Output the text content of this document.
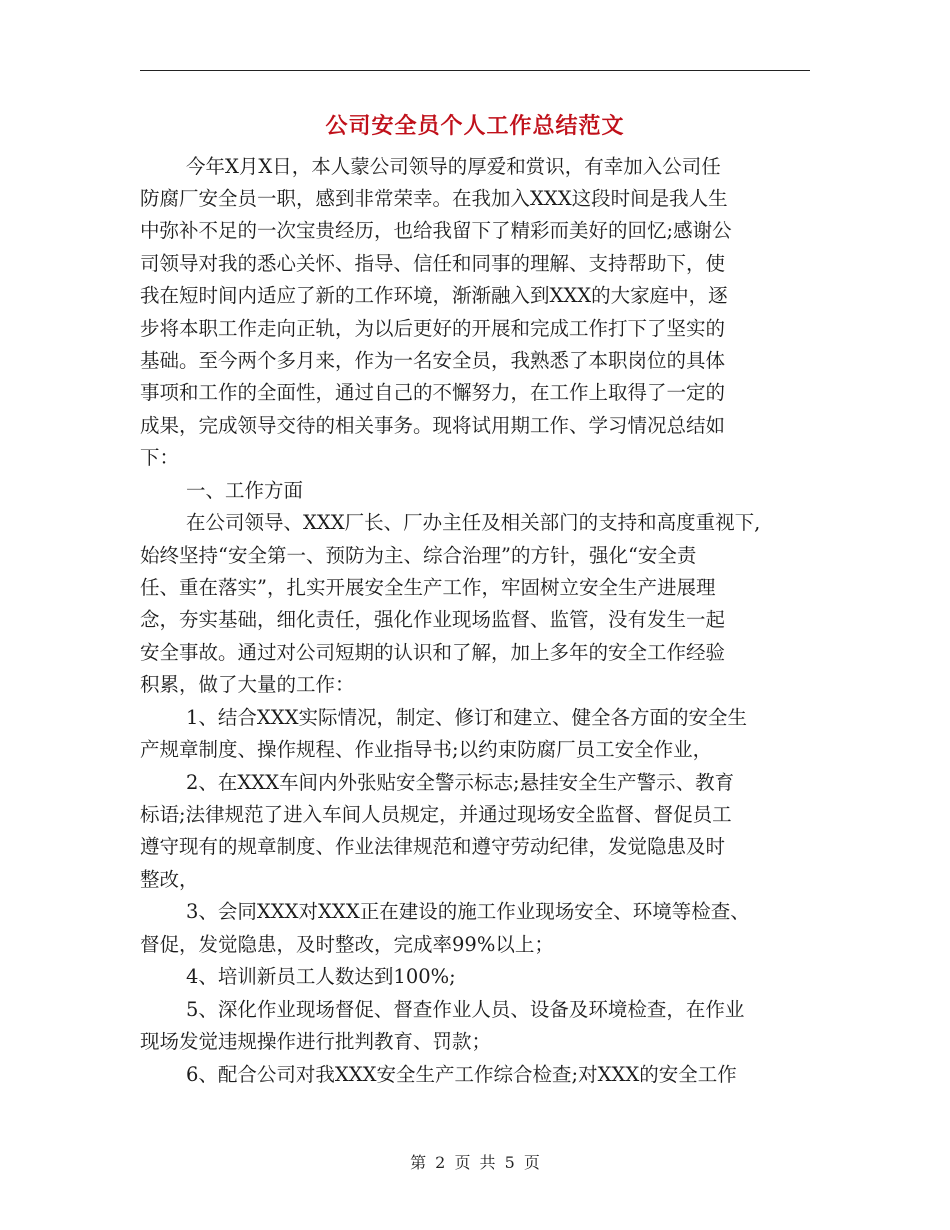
公司安全员个人工作总结范文
今年X月X日，本人蒙公司领导的厚爱和赏识，有幸加入公司任
防腐厂安全员一职，感到非常荣幸。在我加入XXX这段时间是我人生
中弥补不足的一次宝贵经历，也给我留下了精彩而美好的回忆;感谢公
司领导对我的悉心关怀、指导、信任和同事的理解、支持帮助下，使
我在短时间内适应了新的工作环境，渐渐融入到XXX的大家庭中，逐
步将本职工作走向正轨，为以后更好的开展和完成工作打下了坚实的
基础。至今两个多月来，作为一名安全员，我熟悉了本职岗位的具体
事项和工作的全面性，通过自己的不懈努力，在工作上取得了一定的
成果，完成领导交待的相关事务。现将试用期工作、学习情况总结如
下：
一、工作方面
在公司领导、XXX厂长、厂办主任及相关部门的支持和高度重视下,
始终坚持“安全第一、预防为主、综合治理”的方针，强化“安全责
任、重在落实”，扎实开展安全生产工作，牢固树立安全生产进展理
念，夯实基础，细化责任，强化作业现场监督、监管，没有发生一起
安全事故。通过对公司短期的认识和了解，加上多年的安全工作经验
积累，做了大量的工作：
1、结合XXX实际情况，制定、修订和建立、健全各方面的安全生
产规章制度、操作规程、作业指导书;以约束防腐厂员工安全作业，
2、在XXX车间内外张贴安全警示标志;悬挂安全生产警示、教育
标语;法律规范了进入车间人员规定，并通过现场安全监督、督促员工
遵守现有的规章制度、作业法律规范和遵守劳动纪律，发觉隐患及时
整改，
3、会同XXX对XXX正在建设的施工作业现场安全、环境等检查、
督促，发觉隐患，及时整改，完成率99%以上；
4、培训新员工人数达到100%;
5、深化作业现场督促、督查作业人员、设备及环境检查，在作业
现场发觉违规操作进行批判教育、罚款；
6、配合公司对我XXX安全生产工作综合检查;对XXX的安全工作
第 2 页 共 5 页
